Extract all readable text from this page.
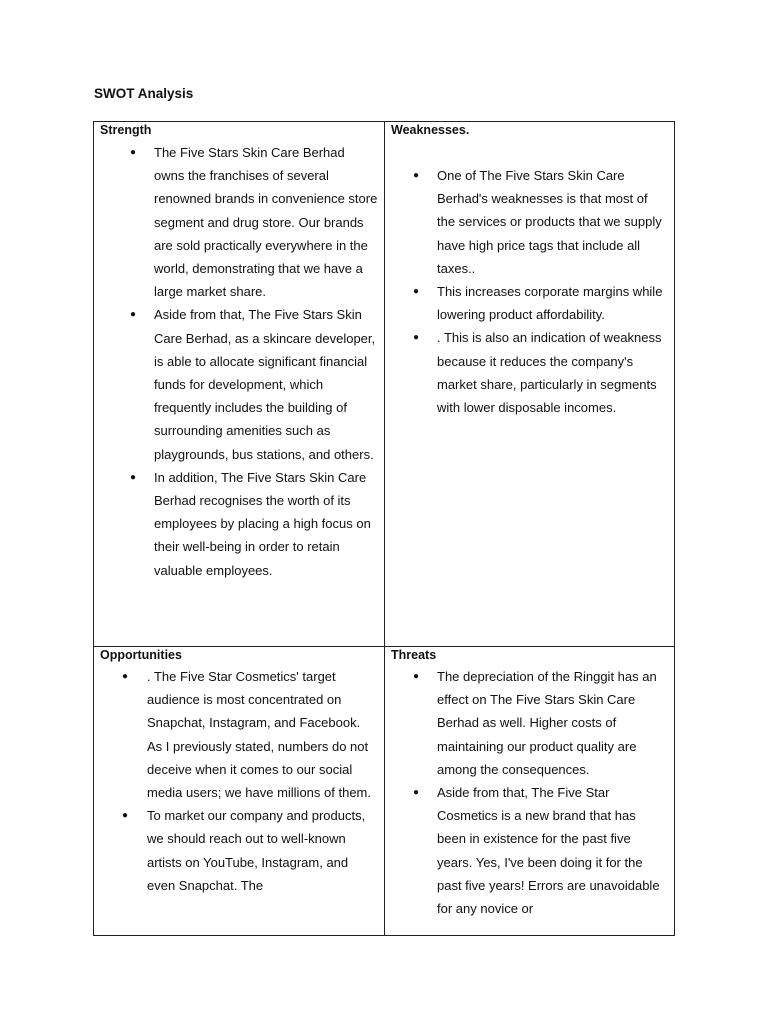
SWOT Analysis
Strength
● The Five Stars Skin Care Berhad owns the franchises of several renowned brands in convenience store segment and drug store. Our brands are sold practically everywhere in the world, demonstrating that we have a large market share.
● Aside from that, The Five Stars Skin Care Berhad, as a skincare developer, is able to allocate significant financial funds for development, which frequently includes the building of surrounding amenities such as playgrounds, bus stations, and others.
● In addition, The Five Stars Skin Care Berhad recognises the worth of its employees by placing a high focus on their well-being in order to retain valuable employees.
Weaknesses.
● One of The Five Stars Skin Care Berhad's weaknesses is that most of the services or products that we supply have high price tags that include all taxes..
● This increases corporate margins while lowering product affordability.
● . This is also an indication of weakness because it reduces the company's market share, particularly in segments with lower disposable incomes.
Opportunities
● . The Five Star Cosmetics' target audience is most concentrated on Snapchat, Instagram, and Facebook. As I previously stated, numbers do not deceive when it comes to our social media users; we have millions of them.
● To market our company and products, we should reach out to well-known artists on YouTube, Instagram, and even Snapchat. The
Threats
● The depreciation of the Ringgit has an effect on The Five Stars Skin Care Berhad as well. Higher costs of maintaining our product quality are among the consequences.
● Aside from that, The Five Star Cosmetics is a new brand that has been in existence for the past five years. Yes, I've been doing it for the past five years! Errors are unavoidable for any novice or
